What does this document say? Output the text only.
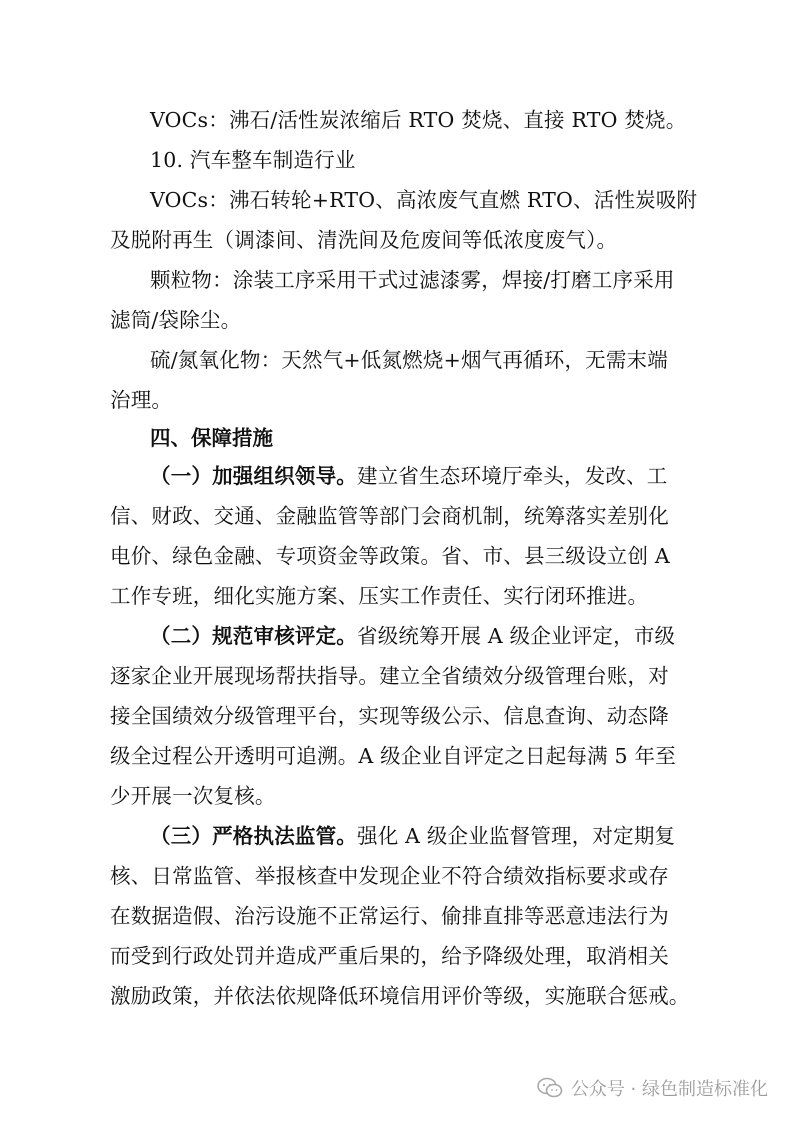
VOCs：沸石/活性炭浓缩后 RTO 焚烧、直接 RTO 焚烧。
10. 汽车整车制造行业
VOCs：沸石转轮+RTO、高浓废气直燃 RTO、活性炭吸附
及脱附再生（调漆间、清洗间及危废间等低浓度废气）。
颗粒物：涂装工序采用干式过滤漆雾，焊接/打磨工序采用
滤筒/袋除尘。
硫/氮氧化物：天然气+低氮燃烧+烟气再循环，无需末端
治理。
四、保障措施
（一）加强组织领导。建立省生态环境厅牵头，发改、工
信、财政、交通、金融监管等部门会商机制，统筹落实差别化
电价、绿色金融、专项资金等政策。省、市、县三级设立创 A
工作专班，细化实施方案、压实工作责任、实行闭环推进。
（二）规范审核评定。省级统筹开展 A 级企业评定，市级
逐家企业开展现场帮扶指导。建立全省绩效分级管理台账，对
接全国绩效分级管理平台，实现等级公示、信息查询、动态降
级全过程公开透明可追溯。A 级企业自评定之日起每满 5 年至
少开展一次复核。
（三）严格执法监管。强化 A 级企业监督管理，对定期复
核、日常监管、举报核查中发现企业不符合绩效指标要求或存
在数据造假、治污设施不正常运行、偷排直排等恶意违法行为
而受到行政处罚并造成严重后果的，给予降级处理，取消相关
激励政策，并依法依规降低环境信用评价等级，实施联合惩戒。
公众号 · 绿色制造标准化
